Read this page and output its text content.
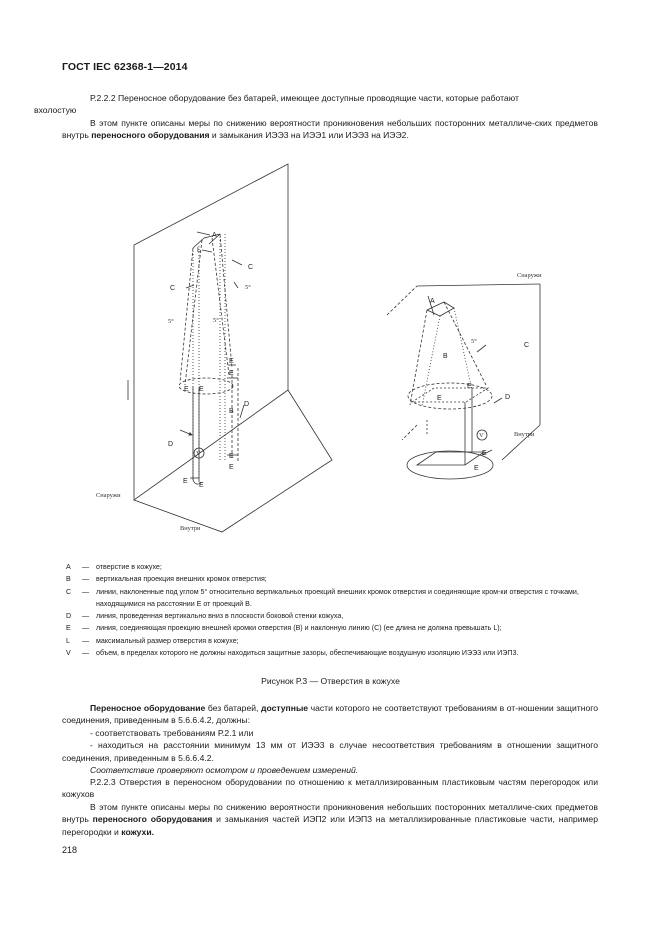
ГОСТ IEC 62368-1—2014
Р.2.2.2 Переносное оборудование без батарей, имеющее доступные проводящие части, которые работают
вхолостую
В этом пункте описаны меры по снижению вероятности проникновения небольших посторонних металличе-ских предметов внутрь переносного оборудования и замыкания ИЭЭ3 на ИЭЭ1 или ИЭЭ3 на ИЭЭ2.
A
L
C
C	5°
5°	5°
B
D
D
E E
E
E
E
E
E
E
V
Снаружи
Внутри
A
B
C
5°
D
E
E
E
E
V
Снаружи
Внутри
A	— отверстие в кожухе;
B	— вертикальная проекция внешних кромок отверстия;
C	— линии, наклоненные под углом 5° относительно вертикальных проекций внешних кромок отверстия и соединяющие кром-ки отверстия с точками, находящимися на расстоянии E от проекций B.
D	— линия, проведенная вертикально вниз в плоскости боковой стенки кожуха,
E	— линия, соединяющая проекцию внешней кромки отверстия (B) и наклонную линию (C) (ее длина не должна превышать L);
L	— максимальный размер отверстия в кожухе;
V	— объем, в пределах которого не должны находиться защитные зазоры, обеспечивающие воздушную изоляцию ИЭЭ3 или ИЭП3.
Рисунок Р.3 — Отверстия в кожухе
Переносное оборудование без батарей, доступные части которого не соответствуют требованиям в от-ношении защитного соединения, приведенным в 5.6.6.4.2, должны:
- соответствовать требованиям Р.2.1 или
- находиться на расстоянии минимум 13 мм от ИЭЭ3 в случае несоответствия требованиям в отношении защитного соединения, приведенным в 5.6.6.4.2.
Соответствие проверяют осмотром и проведением измерений.
Р.2.2.3 Отверстия в переносном оборудовании по отношению к металлизированным пластиковым частям перегородок или кожухов
В этом пункте описаны меры по снижению вероятности проникновения небольших посторонних металличе-ских предметов внутрь переносного оборудования и замыкания частей ИЭП2 или ИЭП3 на металлизированные пластиковые части, например перегородки и кожухи.
218
